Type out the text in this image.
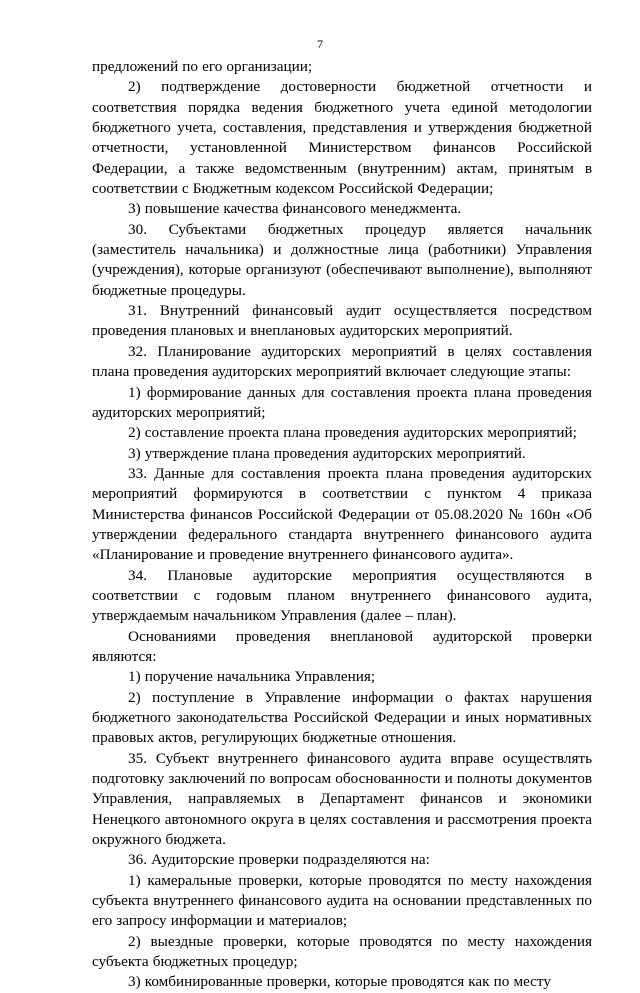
7

предложений по его организации;

2) подтверждение достоверности бюджетной отчетности и соответствия порядка ведения бюджетного учета единой методологии бюджетного учета, составления, представления и утверждения бюджетной отчетности, установленной Министерством финансов Российской Федерации, а также ведомственным (внутренним) актам, принятым в соответствии с Бюджетным кодексом Российской Федерации;

3) повышение качества финансового менеджмента.

30. Субъектами бюджетных процедур является начальник (заместитель начальника) и должностные лица (работники) Управления (учреждения), которые организуют (обеспечивают выполнение), выполняют бюджетные процедуры.

31. Внутренний финансовый аудит осуществляется посредством проведения плановых и внеплановых аудиторских мероприятий.

32. Планирование аудиторских мероприятий в целях составления плана проведения аудиторских мероприятий включает следующие этапы:

1) формирование данных для составления проекта плана проведения аудиторских мероприятий;

2) составление проекта плана проведения аудиторских мероприятий;

3) утверждение плана проведения аудиторских мероприятий.

33. Данные для составления проекта плана проведения аудиторских мероприятий формируются в соответствии с пунктом 4 приказа Министерства финансов Российской Федерации от 05.08.2020 № 160н «Об утверждении федерального стандарта внутреннего финансового аудита «Планирование и проведение внутреннего финансового аудита».

34. Плановые аудиторские мероприятия осуществляются в соответствии с годовым планом внутреннего финансового аудита, утверждаемым начальником Управления (далее – план).

Основаниями проведения внеплановой аудиторской проверки являются:

1) поручение начальника Управления;

2) поступление в Управление информации о фактах нарушения бюджетного законодательства Российской Федерации и иных нормативных правовых актов, регулирующих бюджетные отношения.

35. Субъект внутреннего финансового аудита вправе осуществлять подготовку заключений по вопросам обоснованности и полноты документов Управления, направляемых в Департамент финансов и экономики Ненецкого автономного округа в целях составления и рассмотрения проекта окружного бюджета.

36. Аудиторские проверки подразделяются на:

1) камеральные проверки, которые проводятся по месту нахождения субъекта внутреннего финансового аудита на основании представленных по его запросу информации и материалов;

2) выездные проверки, которые проводятся по месту нахождения субъекта бюджетных процедур;

3) комбинированные проверки, которые проводятся как по месту
